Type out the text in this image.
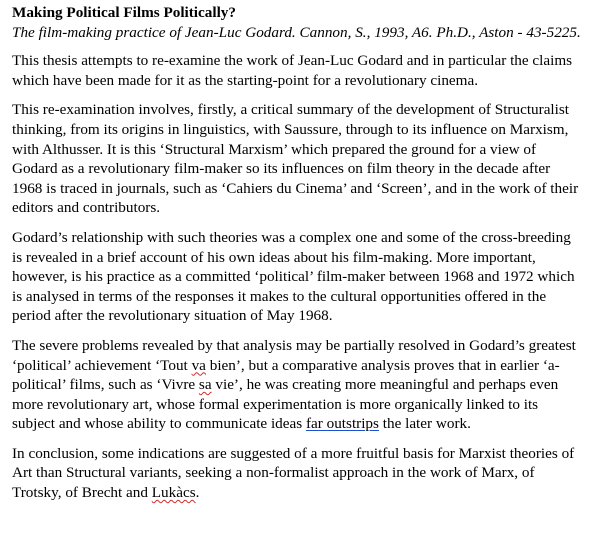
Making Political Films Politically?

The film-making practice of Jean-Luc Godard. Cannon, S., 1993, A6. Ph.D., Aston - 43-5225.

This thesis attempts to re-examine the work of Jean-Luc Godard and in particular the claims
which have been made for it as the starting-point for a revolutionary cinema.

This re-examination involves, firstly, a critical summary of the development of Structuralist
thinking, from its origins in linguistics, with Saussure, through to its influence on Marxism,
with Althusser. It is this ‘Structural Marxism’ which prepared the ground for a view of
Godard as a revolutionary film-maker so its influences on film theory in the decade after
1968 is traced in journals, such as ‘Cahiers du Cinema’ and ‘Screen’, and in the work of their
editors and contributors.

Godard’s relationship with such theories was a complex one and some of the cross-breeding
is revealed in a brief account of his own ideas about his film-making. More important,
however, is his practice as a committed ‘political’ film-maker between 1968 and 1972 which
is analysed in terms of the responses it makes to the cultural opportunities offered in the
period after the revolutionary situation of May 1968.

The severe problems revealed by that analysis may be partially resolved in Godard’s greatest
‘political’ achievement ‘Tout va bien’, but a comparative analysis proves that in earlier ‘a-
political’ films, such as ‘Vivre sa vie’, he was creating more meaningful and perhaps even
more revolutionary art, whose formal experimentation is more organically linked to its
subject and whose ability to communicate ideas far outstrips the later work.

In conclusion, some indications are suggested of a more fruitful basis for Marxist theories of
Art than Structural variants, seeking a non-formalist approach in the work of Marx, of
Trotsky, of Brecht and Lukàcs.
